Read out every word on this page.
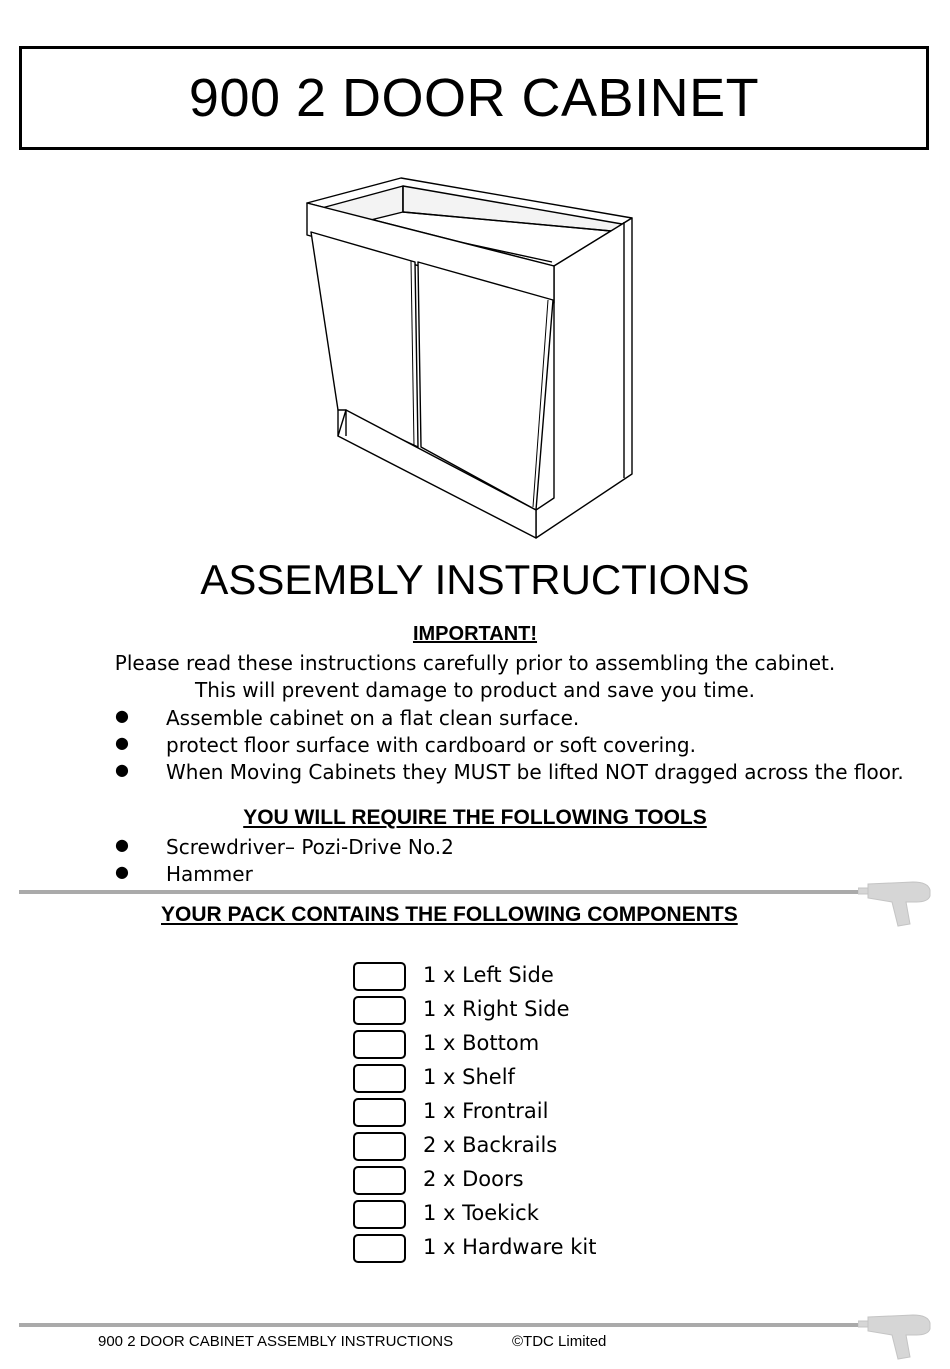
900 2 DOOR CABINET
ASSEMBLY INSTRUCTIONS
IMPORTANT!
Please read these instructions carefully prior to assembling the cabinet.
This will prevent damage to product and save you time.
● Assemble cabinet on a flat clean surface.
● protect floor surface with cardboard or soft covering.
● When Moving Cabinets they MUST be lifted NOT dragged across the floor.
YOU WILL REQUIRE THE FOLLOWING TOOLS
● Screwdriver– Pozi-Drive No.2
● Hammer
YOUR PACK CONTAINS THE FOLLOWING COMPONENTS
1 x Left Side
1 x Right Side
1 x Bottom
1 x Shelf
1 x Frontrail
2 x Backrails
2 x Doors
1 x Toekick
1 x Hardware kit
900 2 DOOR CABINET ASSEMBLY INSTRUCTIONS	©TDC Limited
